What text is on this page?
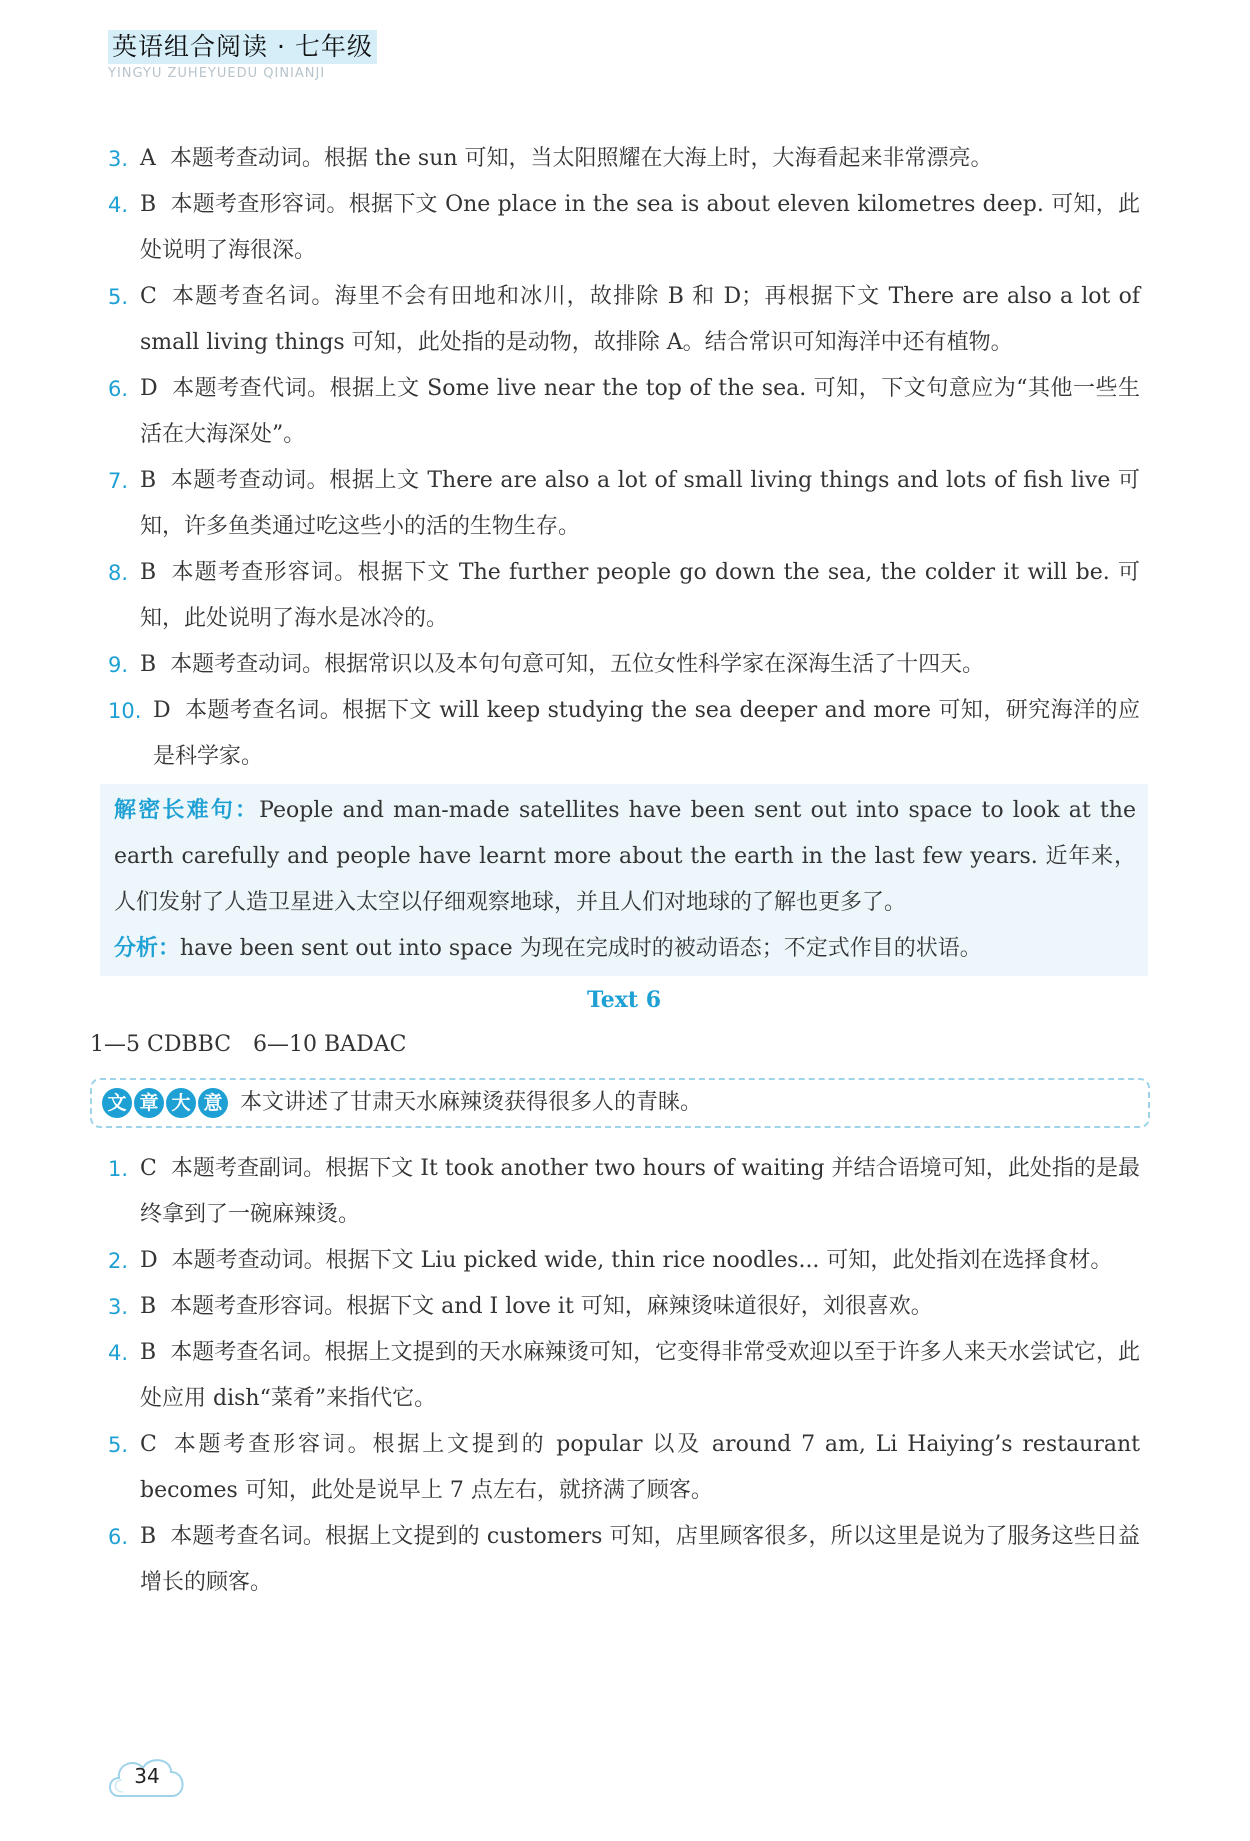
英语组合阅读 · 七年级
YINGYU ZUHEYUEDU QINIANJI
3. A 本题考查动词。根据 the sun 可知，当太阳照耀在大海上时，大海看起来非常漂亮。
4. B 本题考查形容词。根据下文 One place in the sea is about eleven kilometres deep. 可知，此处说明了海很深。
5. C 本题考查名词。海里不会有田地和冰川，故排除 B 和 D；再根据下文 There are also a lot of small living things 可知，此处指的是动物，故排除 A。结合常识可知海洋中还有植物。
6. D 本题考查代词。根据上文 Some live near the top of the sea. 可知，下文句意应为“其他一些生活在大海深处”。
7. B 本题考查动词。根据上文 There are also a lot of small living things and lots of fish live 可知，许多鱼类通过吃这些小的活的生物生存。
8. B 本题考查形容词。根据下文 The further people go down the sea, the colder it will be. 可知，此处说明了海水是冰冷的。
9. B 本题考查动词。根据常识以及本句句意可知，五位女性科学家在深海生活了十四天。
10. D 本题考查名词。根据下文 will keep studying the sea deeper and more 可知，研究海洋的应是科学家。
解密长难句：People and man-made satellites have been sent out into space to look at the earth carefully and people have learnt more about the earth in the last few years. 近年来，人们发射了人造卫星进入太空以仔细观察地球，并且人们对地球的了解也更多了。
分析：have been sent out into space 为现在完成时的被动语态；不定式作目的状语。
Text 6
1—5 CDBBC　6—10 BADAC
文 章 大 意 本文讲述了甘肃天水麻辣烫获得很多人的青睐。
1. C 本题考查副词。根据下文 It took another two hours of waiting 并结合语境可知，此处指的是最终拿到了一碗麻辣烫。
2. D 本题考查动词。根据下文 Liu picked wide, thin rice noodles... 可知，此处指刘在选择食材。
3. B 本题考查形容词。根据下文 and I love it 可知，麻辣烫味道很好，刘很喜欢。
4. B 本题考查名词。根据上文提到的天水麻辣烫可知，它变得非常受欢迎以至于许多人来天水尝试它，此处应用 dish“菜肴”来指代它。
5. C 本题考查形容词。根据上文提到的 popular 以及 around 7 am, Li Haiying’s restaurant becomes 可知，此处是说早上 7 点左右，就挤满了顾客。
6. B 本题考查名词。根据上文提到的 customers 可知，店里顾客很多，所以这里是说为了服务这些日益增长的顾客。
34
